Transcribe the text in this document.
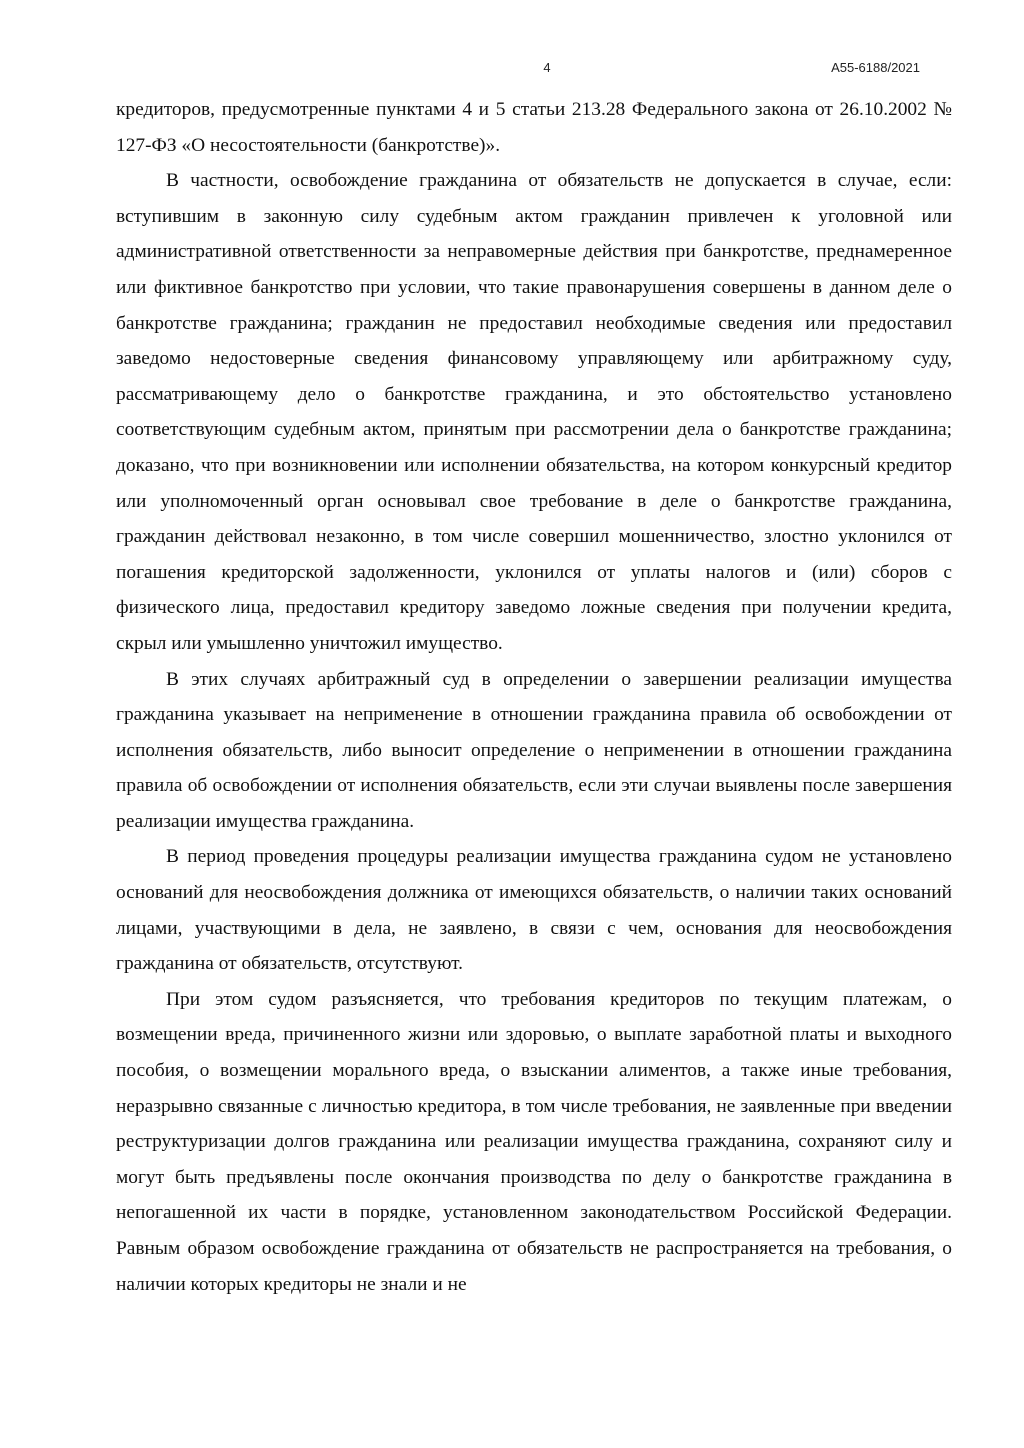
4	А55-6188/2021

кредиторов, предусмотренные пунктами 4 и 5 статьи 213.28 Федерального закона от 26.10.2002 № 127-ФЗ «О несостоятельности (банкротстве)».

В частности, освобождение гражданина от обязательств не допускается в случае, если: вступившим в законную силу судебным актом гражданин привлечен к уголовной или административной ответственности за неправомерные действия при банкротстве, преднамеренное или фиктивное банкротство при условии, что такие правонарушения совершены в данном деле о банкротстве гражданина; гражданин не предоставил необходимые сведения или предоставил заведомо недостоверные сведения финансовому управляющему или арбитражному суду, рассматривающему дело о банкротстве гражданина, и это обстоятельство установлено соответствующим судебным актом, принятым при рассмотрении дела о банкротстве гражданина; доказано, что при возникновении или исполнении обязательства, на котором конкурсный кредитор или уполномоченный орган основывал свое требование в деле о банкротстве гражданина, гражданин действовал незаконно, в том числе совершил мошенничество, злостно уклонился от погашения кредиторской задолженности, уклонился от уплаты налогов и (или) сборов с физического лица, предоставил кредитору заведомо ложные сведения при получении кредита, скрыл или умышленно уничтожил имущество.

В этих случаях арбитражный суд в определении о завершении реализации имущества гражданина указывает на неприменение в отношении гражданина правила об освобождении от исполнения обязательств, либо выносит определение о неприменении в отношении гражданина правила об освобождении от исполнения обязательств, если эти случаи выявлены после завершения реализации имущества гражданина.

В период проведения процедуры реализации имущества гражданина судом не установлено оснований для неосвобождения должника от имеющихся обязательств, о наличии таких оснований лицами, участвующими в дела, не заявлено, в связи с чем, основания для неосвобождения гражданина от обязательств, отсутствуют.

При этом судом разъясняется, что требования кредиторов по текущим платежам, о возмещении вреда, причиненного жизни или здоровью, о выплате заработной платы и выходного пособия, о возмещении морального вреда, о взыскании алиментов, а также иные требования, неразрывно связанные с личностью кредитора, в том числе требования, не заявленные при введении реструктуризации долгов гражданина или реализации имущества гражданина, сохраняют силу и могут быть предъявлены после окончания производства по делу о банкротстве гражданина в непогашенной их части в порядке, установленном законодательством Российской Федерации. Равным образом освобождение гражданина от обязательств не распространяется на требования, о наличии которых кредиторы не знали и не
